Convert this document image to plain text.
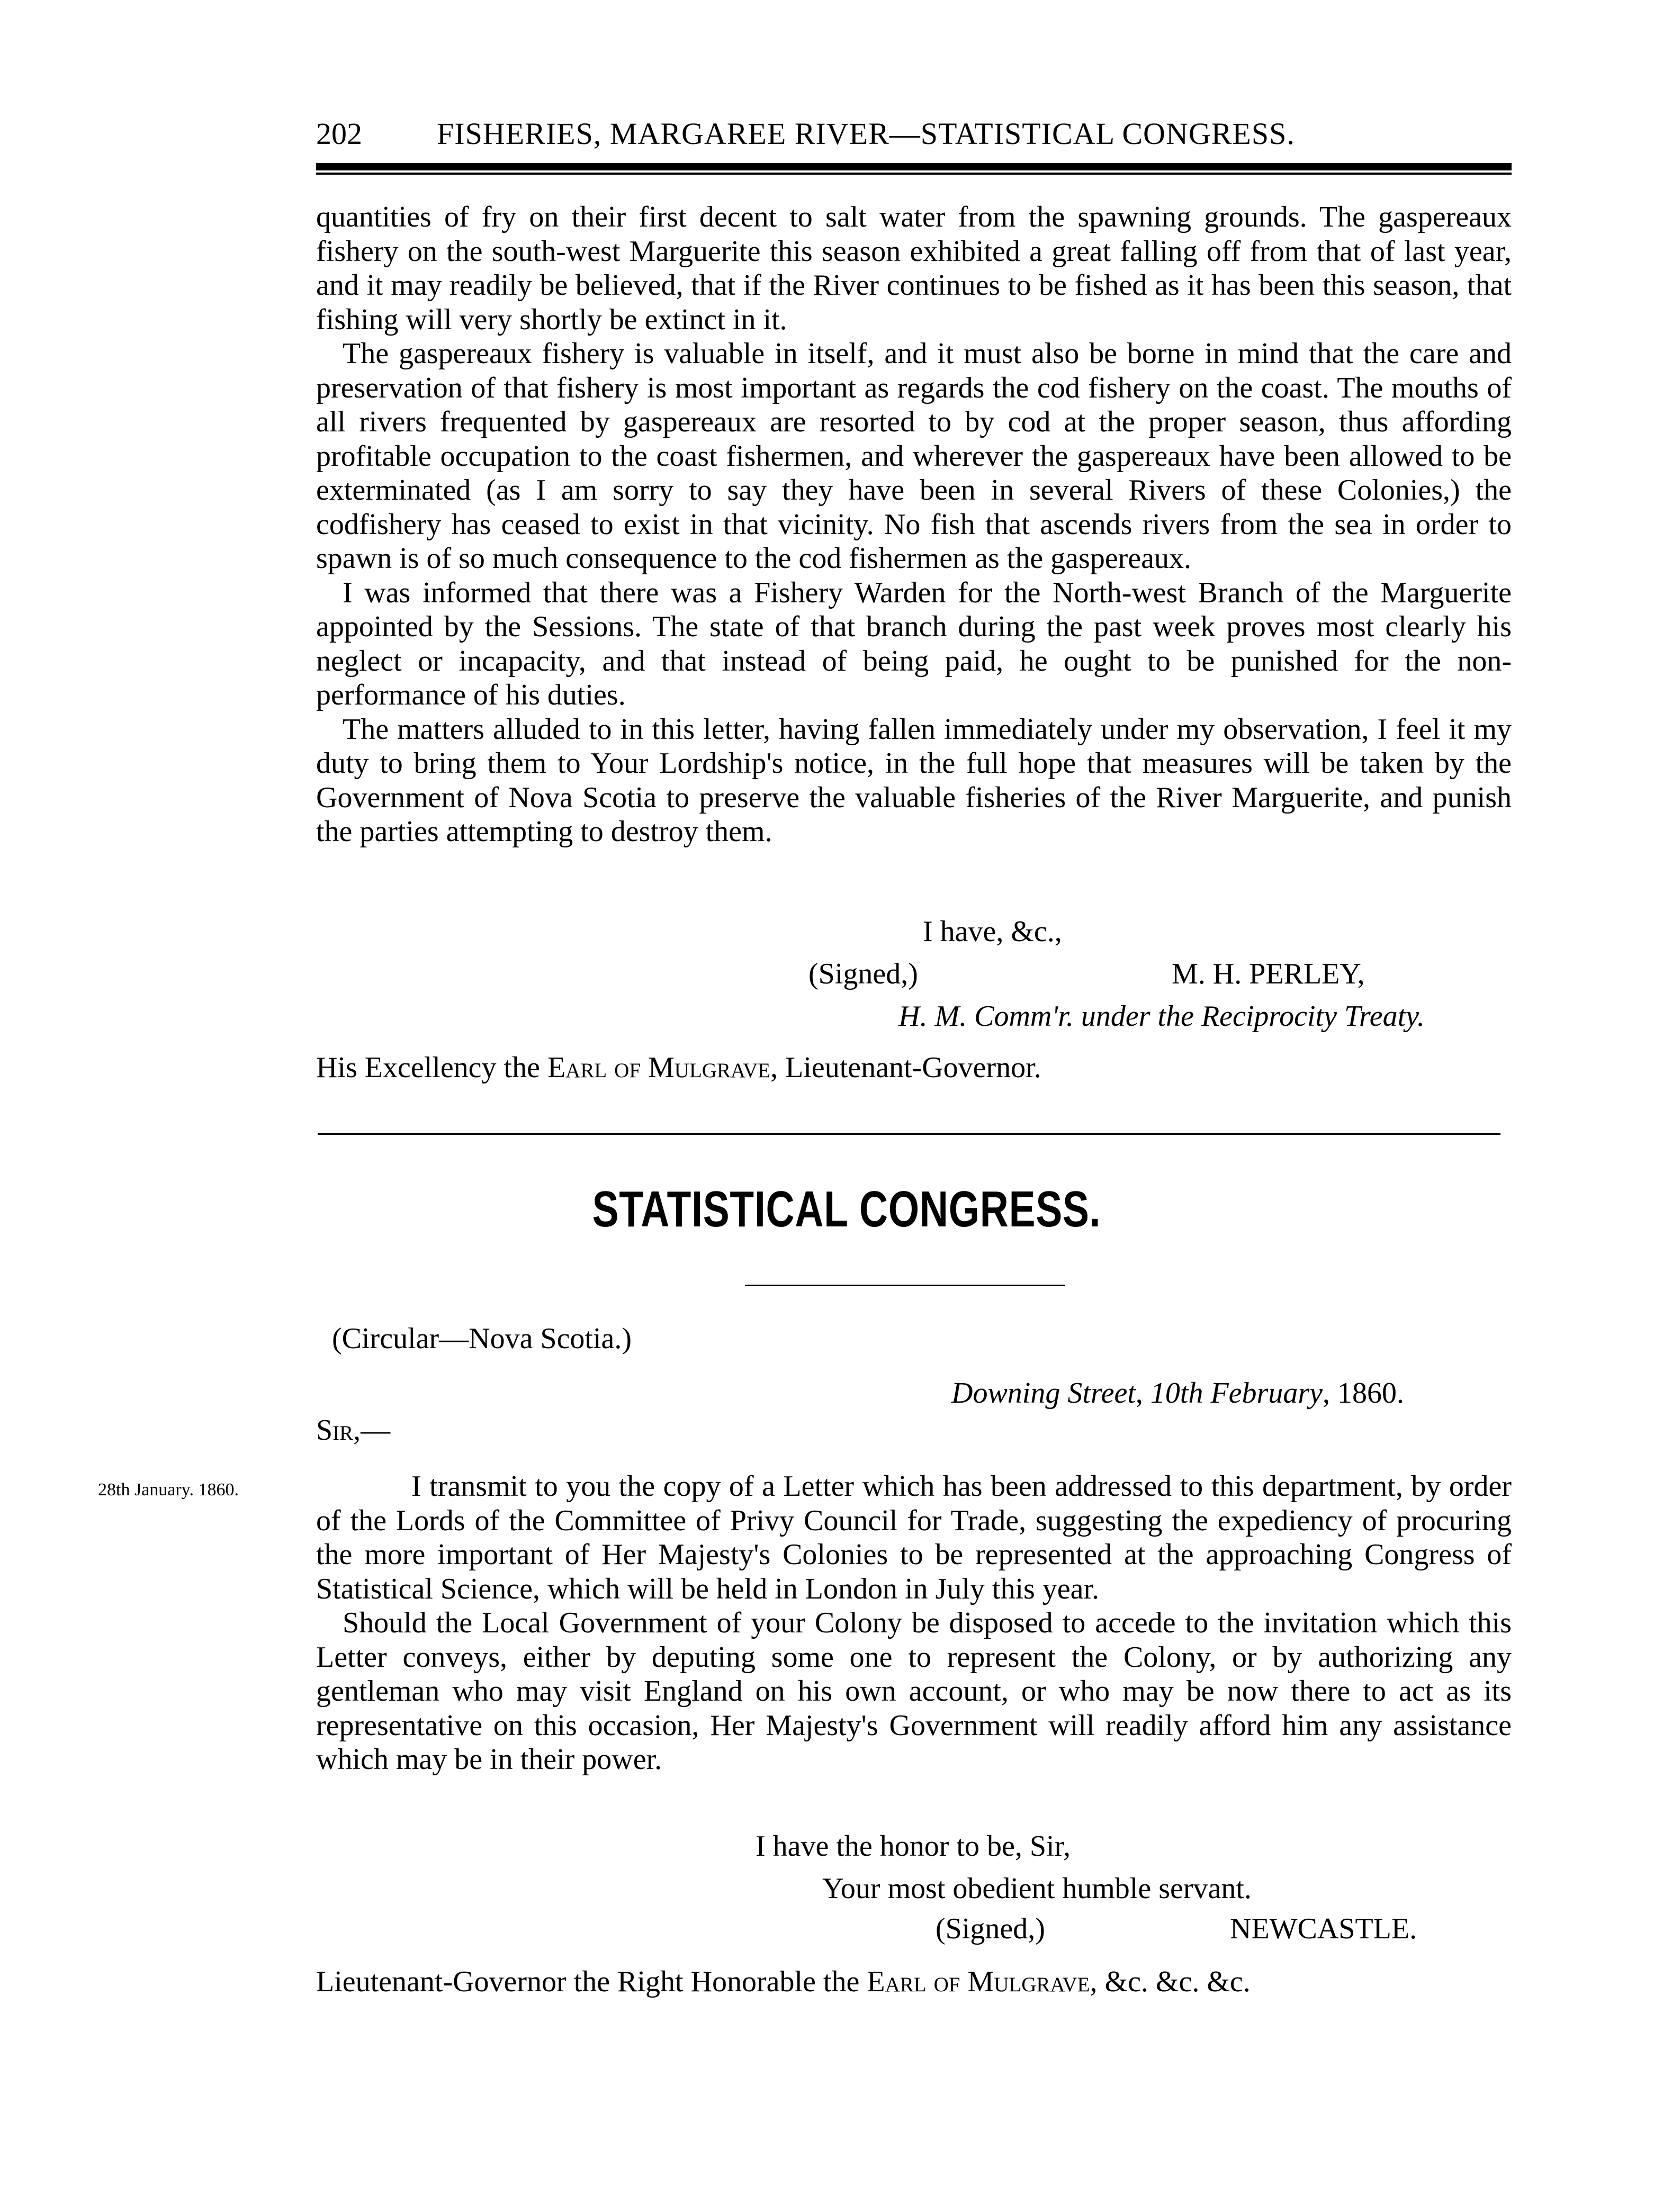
202 FISHERIES, MARGAREE RIVER—STATISTICAL CONGRESS.

quantities of fry on their first decent to salt water from the spawning grounds. The gaspereaux fishery on the south-west Marguerite this season exhibited a great falling off from that of last year, and it may readily be believed, that if the River continues to be fished as it has been this season, that fishing will very shortly be extinct in it.

The gaspereaux fishery is valuable in itself, and it must also be borne in mind that the care and preservation of that fishery is most important as regards the cod fishery on the coast. The mouths of all rivers frequented by gaspereaux are resorted to by cod at the proper season, thus affording profitable occupation to the coast fishermen, and wherever the gaspereaux have been allowed to be exterminated (as I am sorry to say they have been in several Rivers of these Colonies,) the codfishery has ceased to exist in that vicinity. No fish that ascends rivers from the sea in order to spawn is of so much consequence to the cod fishermen as the gaspereaux.

I was informed that there was a Fishery Warden for the North-west Branch of the Marguerite appointed by the Sessions. The state of that branch during the past week proves most clearly his neglect or incapacity, and that instead of being paid, he ought to be punished for the non-performance of his duties.

The matters alluded to in this letter, having fallen immediately under my observation, I feel it my duty to bring them to Your Lordship's notice, in the full hope that measures will be taken by the Government of Nova Scotia to preserve the valuable fisheries of the River Marguerite, and punish the parties attempting to destroy them.

I have, &c.,
(Signed,)	M. H. PERLEY,
H. M. Comm'r. under the Reciprocity Treaty.
His Excellency the Earl of Mulgrave, Lieutenant-Governor.
STATISTICAL CONGRESS.
(Circular—Nova Scotia.)
Downing Street, 10th February, 1860.
Sir,—
28th January. 1860.	I transmit to you the copy of a Letter which has been addressed to this department, by order of the Lords of the Committee of Privy Council for Trade, suggesting the expediency of procuring the more important of Her Majesty's Colonies to be represented at the approaching Congress of Statistical Science, which will be held in London in July this year.

Should the Local Government of your Colony be disposed to accede to the invitation which this Letter conveys, either by deputing some one to represent the Colony, or by authorizing any gentleman who may visit England on his own account, or who may be now there to act as its representative on this occasion, Her Majesty's Government will readily afford him any assistance which may be in their power.

I have the honor to be, Sir,
Your most obedient humble servant.
(Signed,)	NEWCASTLE.
Lieutenant-Governor the Right Honorable the Earl of Mulgrave, &c. &c. &c.
